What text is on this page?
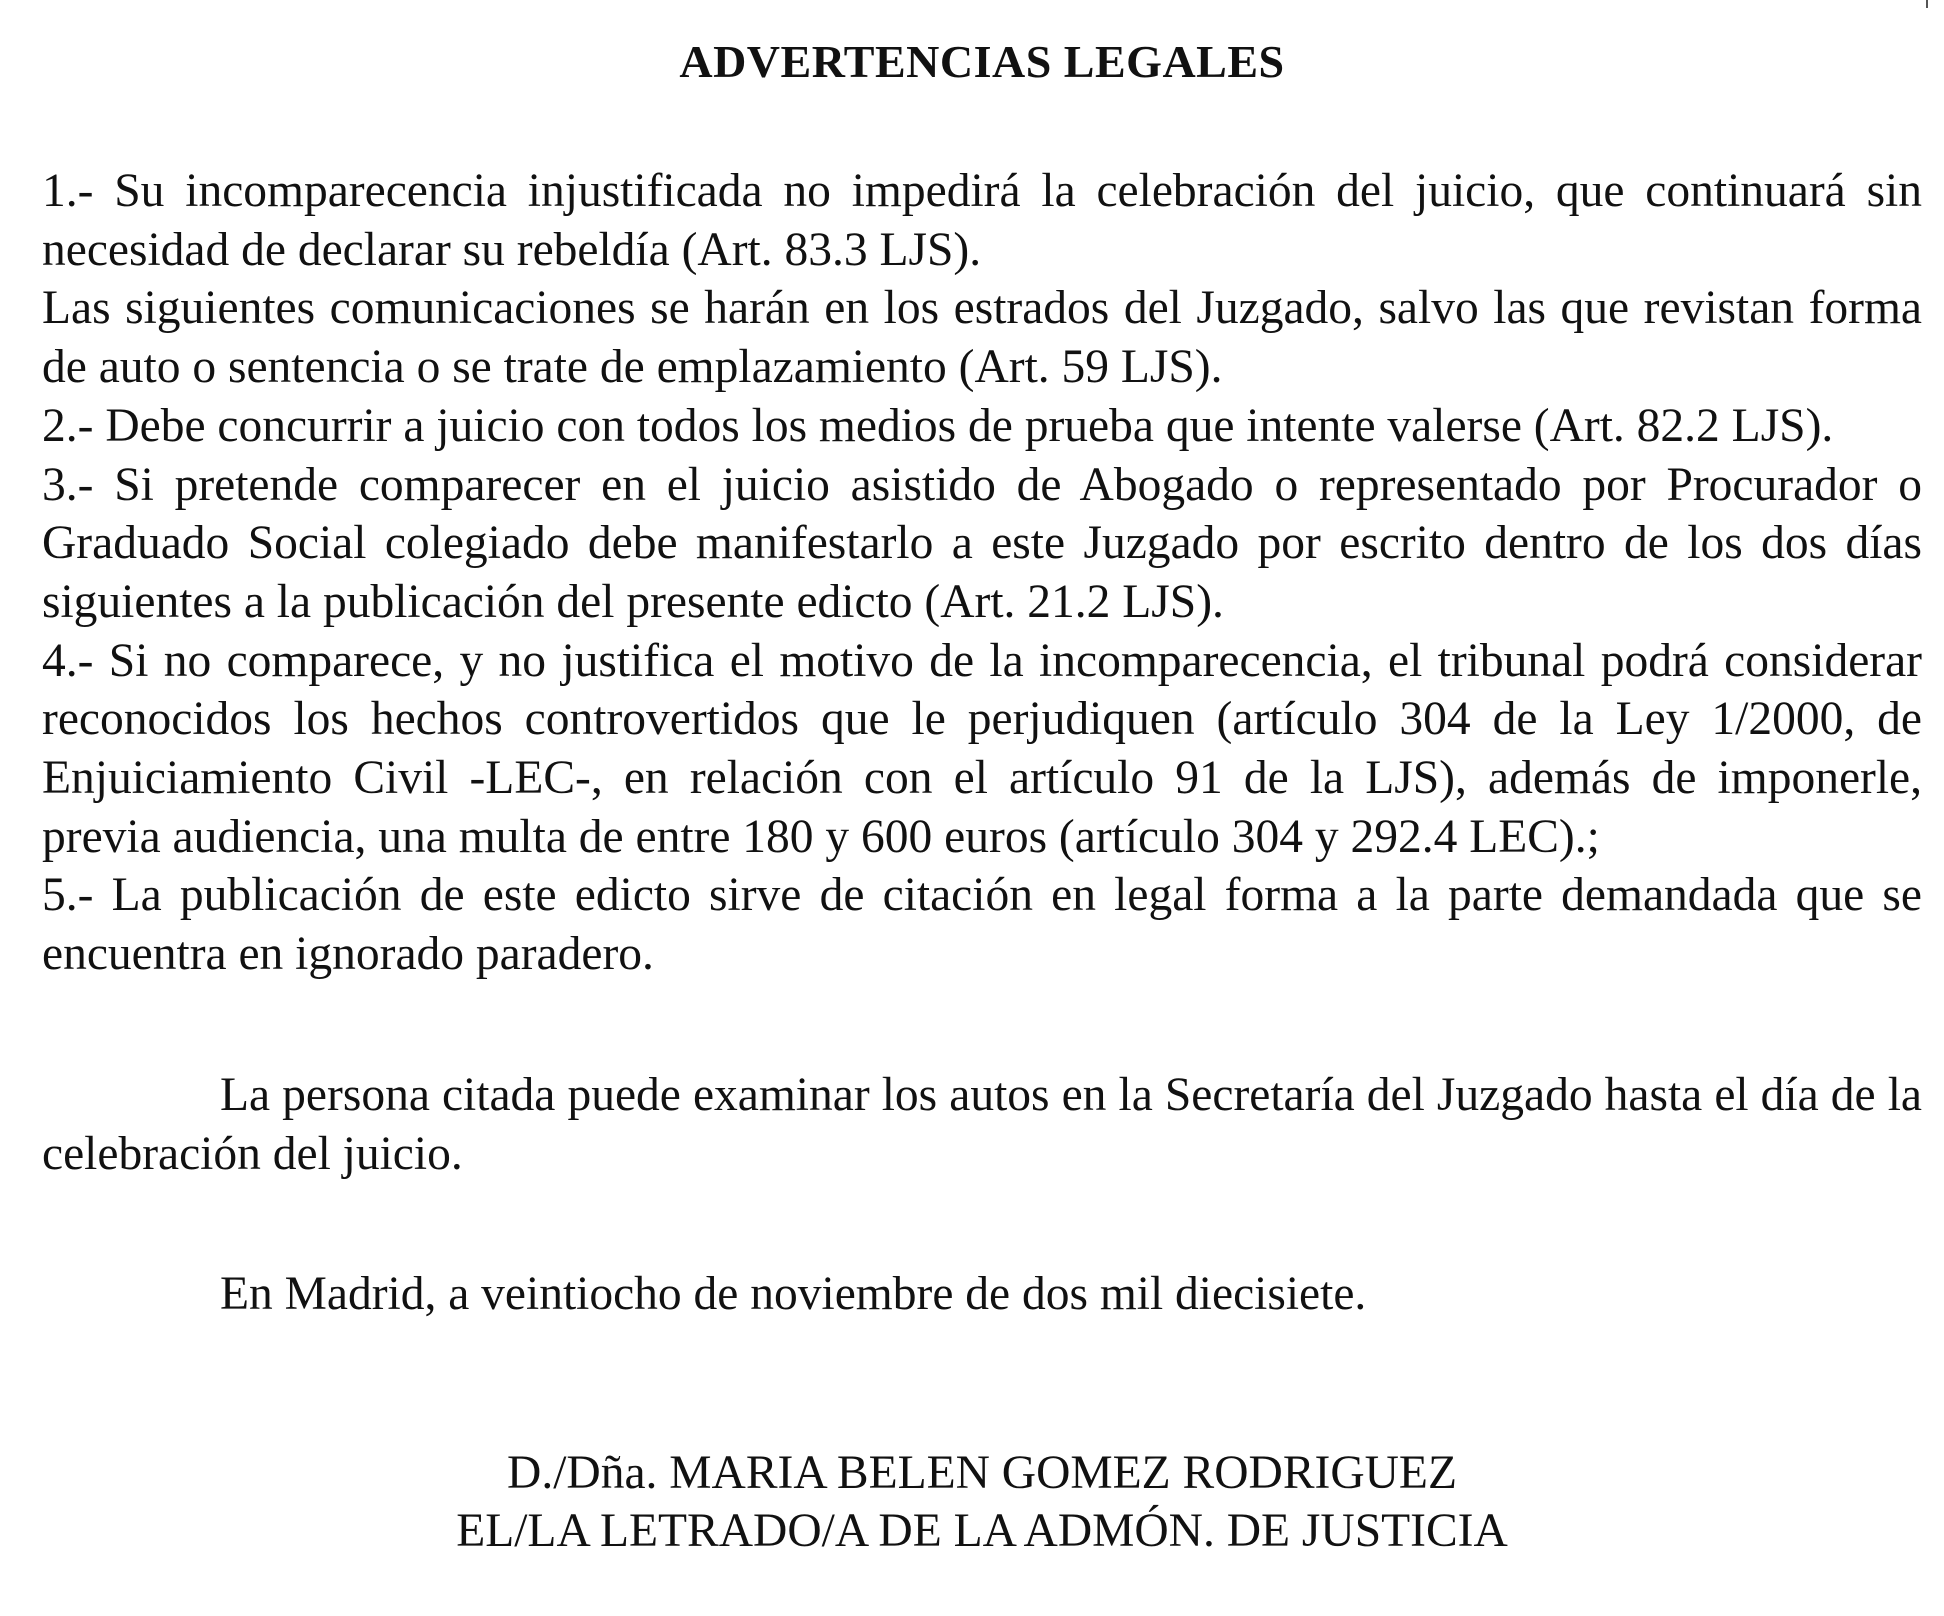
ADVERTENCIAS LEGALES

1.- Su incomparecencia injustificada no impedirá la celebración del juicio, que continuará sin necesidad de declarar su rebeldía (Art. 83.3 LJS).

Las siguientes comunicaciones se harán en los estrados del Juzgado, salvo las que revistan forma de auto o sentencia o se trate de emplazamiento (Art. 59 LJS).

2.- Debe concurrir a juicio con todos los medios de prueba que intente valerse (Art. 82.2 LJS).

3.- Si pretende comparecer en el juicio asistido de Abogado o representado por Procurador o Graduado Social colegiado debe manifestarlo a este Juzgado por escrito dentro de los dos días siguientes a la publicación del presente edicto (Art. 21.2 LJS).

4.- Si no comparece, y no justifica el motivo de la incomparecencia, el tribunal podrá considerar reconocidos los hechos controvertidos que le perjudiquen (artículo 304 de la Ley 1/2000, de Enjuiciamiento Civil -LEC-, en relación con el artículo 91 de la LJS), además de imponerle, previa audiencia, una multa de entre 180 y 600 euros (artículo 304 y 292.4 LEC).;

5.- La publicación de este edicto sirve de citación en legal forma a la parte demandada que se encuentra en ignorado paradero.

La persona citada puede examinar los autos en la Secretaría del Juzgado hasta el día de la celebración del juicio.

En Madrid, a veintiocho de noviembre de dos mil diecisiete.

D./Dña. MARIA BELEN GOMEZ RODRIGUEZ
EL/LA LETRADO/A DE LA ADMÓN. DE JUSTICIA
